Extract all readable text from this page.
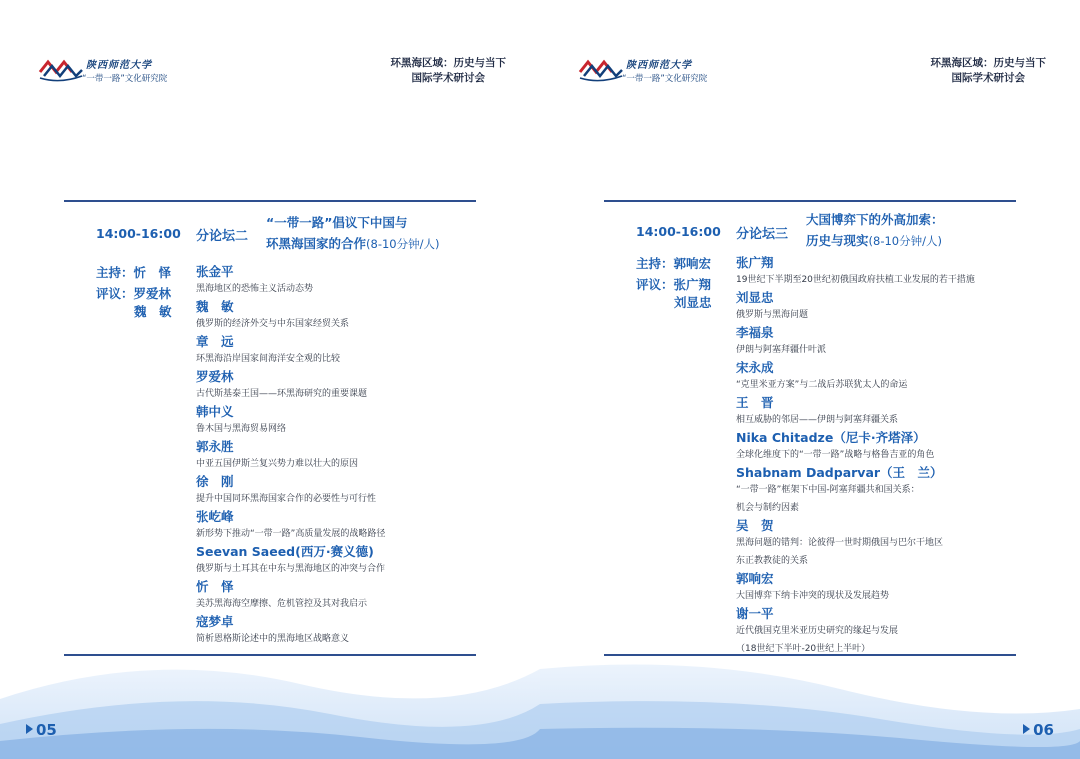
陕西师范大学
“一带一路”文化研究院
环黑海区域：历史与当下
国际学术研讨会
14:00-16:00 分论坛二
“一带一路”倡议下中国与
环黑海国家的合作(8-10分钟/人)
主持：忻　怿
评议：罗爱林
魏　敏
张金平
黑海地区的恐怖主义活动态势
魏　敏
俄罗斯的经济外交与中东国家经贸关系
章　远
环黑海沿岸国家间海洋安全观的比较
罗爱林
古代斯基泰王国——环黑海研究的重要课题
韩中义
鲁木国与黑海贸易网络
郭永胜
中亚五国伊斯兰复兴势力难以壮大的原因
徐　刚
提升中国同环黑海国家合作的必要性与可行性
张屹峰
新形势下推动“一带一路”高质量发展的战略路径
Seevan Saeed(西万·赛义德)
俄罗斯与土耳其在中东与黑海地区的冲突与合作
忻　怿
美苏黑海海空摩擦、危机管控及其对我启示
寇梦卓
简析恩格斯论述中的黑海地区战略意义
05
陕西师范大学
“一带一路”文化研究院
环黑海区域：历史与当下
国际学术研讨会
14:00-16:00 分论坛三
大国博弈下的外高加索：
历史与现实(8-10分钟/人)
主持：郭响宏
评议：张广翔
刘显忠
张广翔
19世纪下半期至20世纪初俄国政府扶植工业发展的若干措施
刘显忠
俄罗斯与黑海问题
李福泉
伊朗与阿塞拜疆什叶派
宋永成
“克里米亚方案”与二战后苏联犹太人的命运
王　晋
相互威胁的邻居——伊朗与阿塞拜疆关系
Nika Chitadze（尼卡·齐塔泽）
全球化维度下的“一带一路”战略与格鲁吉亚的角色
Shabnam Dadparvar（王　兰）
“一带一路”框架下中国-阿塞拜疆共和国关系：
机会与制约因素
吴　贺
黑海问题的错判：论彼得一世时期俄国与巴尔干地区
东正教教徒的关系
郭响宏
大国博弈下纳卡冲突的现状及发展趋势
谢一平
近代俄国克里米亚历史研究的缘起与发展
（18世纪下半叶-20世纪上半叶）
06
